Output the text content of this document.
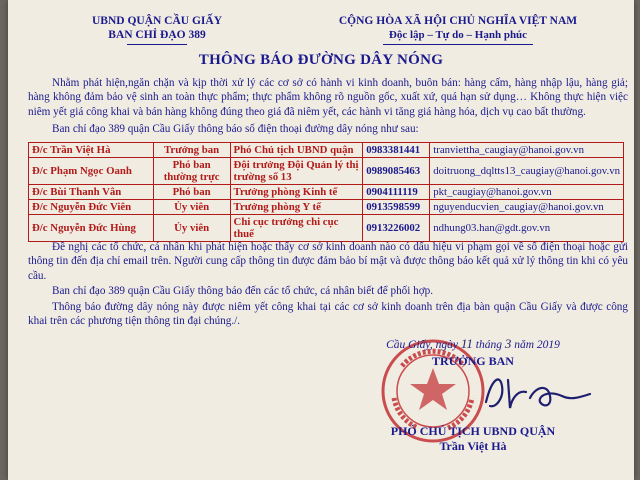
UBND QUẬN CẦU GIẤY
BAN CHỈ ĐẠO 389
CỘNG HÒA XÃ HỘI CHỦ NGHĨA VIỆT NAM
Độc lập – Tự do – Hạnh phúc
THÔNG BÁO ĐƯỜNG DÂY NÓNG
Nhằm phát hiện,ngăn chặn và kịp thời xử lý các cơ sở có hành vi kinh doanh, buôn bán: hàng cấm, hàng nhập lậu, hàng giả; hàng không đảm bảo vệ sinh an toàn thực phẩm; thực phẩm không rõ nguồn gốc, xuất xứ, quá hạn sử dụng… Không thực hiện việc niêm yết giá công khai và bán hàng không đúng theo giá đã niêm yết, các hành vi tăng giá hàng hóa, dịch vụ cao bất thường.
Ban chỉ đạo 389 quận Cầu Giấy thông báo số điện thoại đường dây nóng như sau:
Đ/c Trần Việt Hà	Trưởng ban	Phó Chủ tịch UBND quận	0983381441	tranviettha_caugiay@hanoi.gov.vn
Đ/c Phạm Ngọc Oanh	Phó ban thường trực	Đội trưởng Đội Quản lý thị trường số 13	0989085463	doitruong_dqltts13_caugiay@hanoi.gov.vn
Đ/c Bùi Thanh Vân	Phó ban	Trưởng phòng Kinh tế	0904111119	pkt_caugiay@hanoi.gov.vn
Đ/c Nguyễn Đức Viên	Ủy viên	Trưởng phòng Y tế	0913598599	nguyenducvien_caugiay@hanoi.gov.vn
Đ/c Nguyễn Đức Hùng	Ủy viên	Chi cục trưởng chi cục thuế	0913226002	ndhung03.han@gdt.gov.vn
Đề nghị các tổ chức, cá nhân khi phát hiện hoặc thấy cơ sở kinh doanh nào có dấu hiệu vi phạm gọi về số điện thoại hoặc gửi thông tin đến địa chỉ email trên. Người cung cấp thông tin được đảm bảo bí mật và được thông báo kết quả xử lý thông tin khi có yêu cầu.
Ban chỉ đạo 389 quận Cầu Giấy thông báo đến các tổ chức, cá nhân biết để phối hợp.
Thông báo đường dây nóng này được niêm yết công khai tại các cơ sở kinh doanh trên địa bàn quận Cầu Giấy và được công khai trên các phương tiện thông tin đại chúng./.
Cầu Giấy, ngày 11 tháng 3 năm 2019
TRƯỞNG BAN
PHÓ CHỦ TỊCH UBND QUẬN
Trần Việt Hà
